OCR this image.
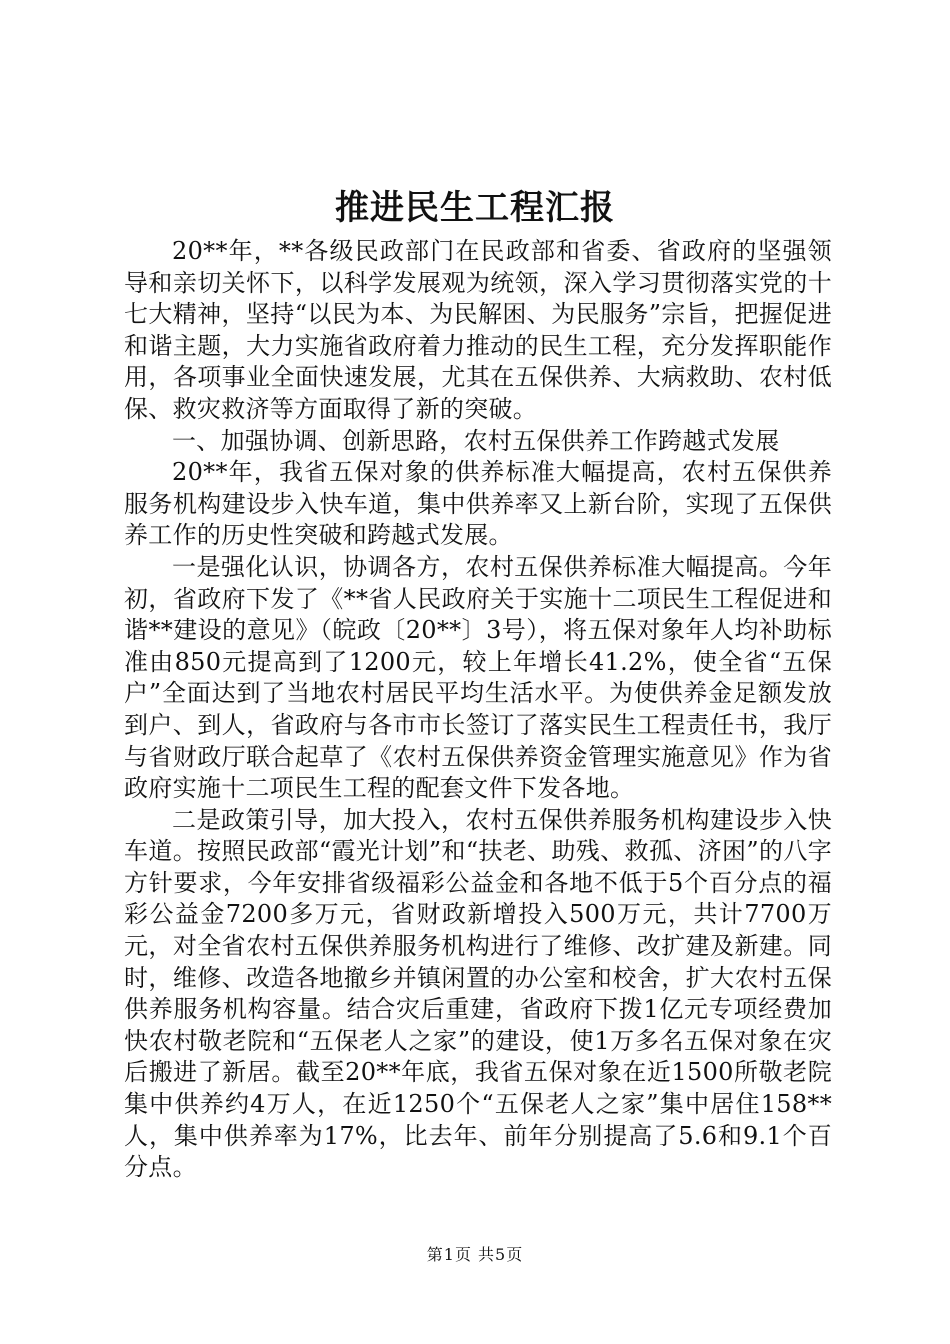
推进民生工程汇报

20**年，**各级民政部门在民政部和省委、省政府的坚强领导和亲切关怀下，以科学发展观为统领，深入学习贯彻落实党的十七大精神，坚持“以民为本、为民解困、为民服务”宗旨，把握促进和谐主题，大力实施省政府着力推动的民生工程，充分发挥职能作用，各项事业全面快速发展，尤其在五保供养、大病救助、农村低保、救灾救济等方面取得了新的突破。

一、加强协调、创新思路，农村五保供养工作跨越式发展

20**年，我省五保对象的供养标准大幅提高，农村五保供养服务机构建设步入快车道，集中供养率又上新台阶，实现了五保供养工作的历史性突破和跨越式发展。

一是强化认识，协调各方，农村五保供养标准大幅提高。今年初，省政府下发了《**省人民政府关于实施十二项民生工程促进和谐**建设的意见》（皖政〔20**〕3号），将五保对象年人均补助标准由850元提高到了1200元，较上年增长41.2%，使全省“五保户”全面达到了当地农村居民平均生活水平。为使供养金足额发放到户、到人，省政府与各市市长签订了落实民生工程责任书，我厅与省财政厅联合起草了《农村五保供养资金管理实施意见》作为省政府实施十二项民生工程的配套文件下发各地。

二是政策引导，加大投入，农村五保供养服务机构建设步入快车道。按照民政部“霞光计划”和“扶老、助残、救孤、济困”的八字方针要求，今年安排省级福彩公益金和各地不低于5个百分点的福彩公益金7200多万元，省财政新增投入500万元，共计7700万元，对全省农村五保供养服务机构进行了维修、改扩建及新建。同时，维修、改造各地撤乡并镇闲置的办公室和校舍，扩大农村五保供养服务机构容量。结合灾后重建，省政府下拨1亿元专项经费加快农村敬老院和“五保老人之家”的建设，使1万多名五保对象在灾后搬进了新居。截至20**年底，我省五保对象在近1500所敬老院集中供养约4万人，在近1250个“五保老人之家”集中居住158**人，集中供养率为17%，比去年、前年分别提高了5.6和9.1个百分点。

第1页 共5页
